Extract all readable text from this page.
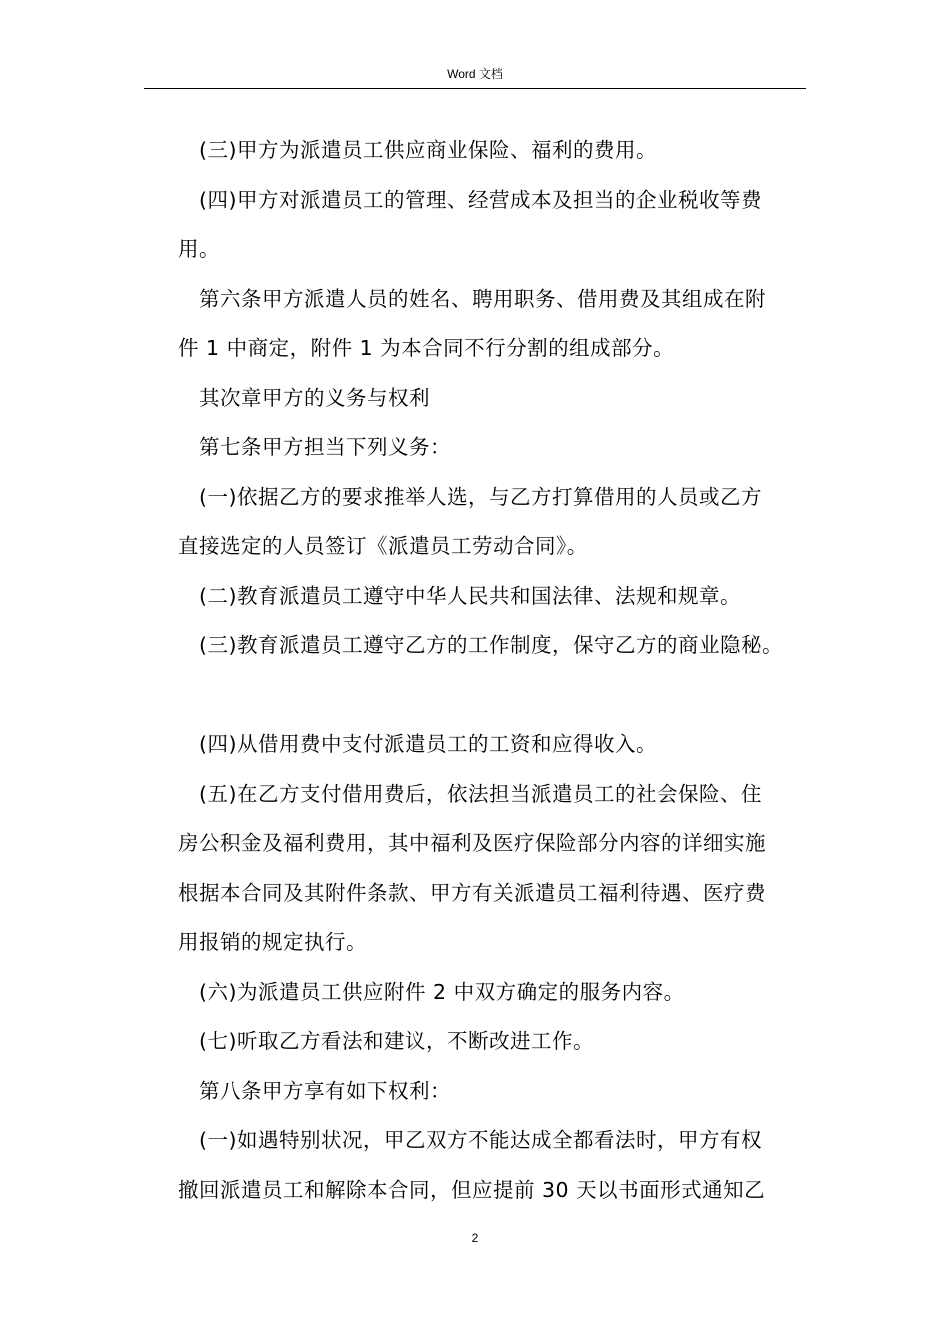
Word 文档

(三)甲方为派遣员工供应商业保险、福利的费用。

(四)甲方对派遣员工的管理、经营成本及担当的企业税收等费

用。

第六条甲方派遣人员的姓名、聘用职务、借用费及其组成在附

件 1 中商定，附件 1 为本合同不行分割的组成部分。

其次章甲方的义务与权利

第七条甲方担当下列义务：

(一)依据乙方的要求推举人选，与乙方打算借用的人员或乙方

直接选定的人员签订《派遣员工劳动合同》。

(二)教育派遣员工遵守中华人民共和国法律、法规和规章。

(三)教育派遣员工遵守乙方的工作制度，保守乙方的商业隐秘。

(四)从借用费中支付派遣员工的工资和应得收入。

(五)在乙方支付借用费后，依法担当派遣员工的社会保险、住

房公积金及福利费用，其中福利及医疗保险部分内容的详细实施

根据本合同及其附件条款、甲方有关派遣员工福利待遇、医疗费

用报销的规定执行。

(六)为派遣员工供应附件 2 中双方确定的服务内容。

(七)听取乙方看法和建议，不断改进工作。

第八条甲方享有如下权利：

(一)如遇特别状况，甲乙双方不能达成全都看法时，甲方有权

撤回派遣员工和解除本合同，但应提前 30 天以书面形式通知乙

2
